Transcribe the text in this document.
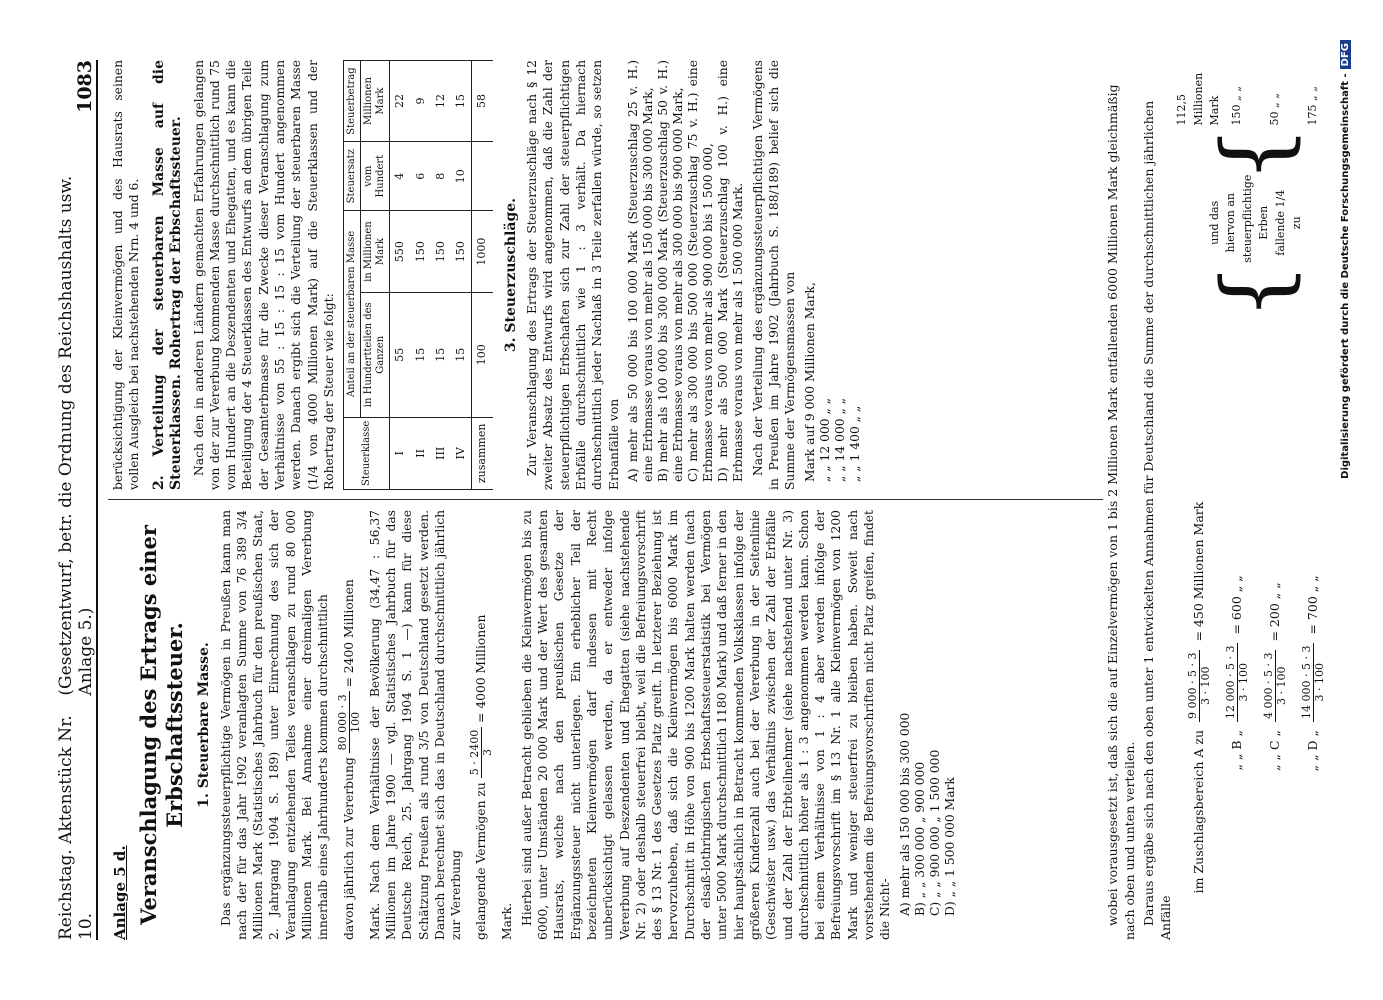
Reichstag. Aktenstück Nr. 10.
(Gesetzentwurf, betr. die Ordnung des Reichshaushalts usw. Anlage 5.)
1083
Anlage 5 d. Veranschlagung des Ertrags einer Erbschaftssteuer. 1. Steuerbare Masse. Das ergänzungssteuerpflichtige Vermögen in Preußen kann man nach der für das Jahr 1902 veranlagten Summe von 76 389 3/4 Millionen Mark (Statistisches Jahrbuch für den preußischen Staat, 2. Jahrgang 1904 S. 189) unter Einrechnung des sich der Veranlagung entziehenden Teiles veranschlagen zu rund 80 000 Millionen Mark. Bei Annahme einer dreimaligen Vererbung innerhalb eines Jahrhunderts kommen durchschnittlich davon jährlich zur Vererbung
80 000 · 3 100
= 2400 Millionen Mark. Nach dem Verhältnisse der Bevölkerung (34,47 : 56,37 Millionen im Jahre 1900 — vgl. Statistisches Jahrbuch für das Deutsche Reich, 25. Jahrgang 1904 S. 1 —) kann für diese Schätzung Preußen als rund 3/5 von Deutschland gesetzt werden. Danach berechnet sich das in Deutschland durchschnittlich jährlich zur Vererbung gelangende Vermögen zu
5 · 2400 3
= 4000 Millionen

Mark. Hierbei sind außer Betracht geblieben die Kleinvermögen bis zu 6000, unter Umständen 20 000 Mark und der Wert des gesamten Hausrats, welche nach den preußischen Gesetze der Ergänzungssteuer nicht unterliegen. Ein erheblicher Teil der bezeichneten Kleinvermögen darf indessen mit Recht unberücksichtigt gelassen werden, da er entweder infolge Vererbung auf Deszendenten und Ehegatten (siehe nachstehende Nr. 2) oder deshalb steuerfrei bleibt, weil die Befreiungsvorschrift des § 13 Nr. 1 des Gesetzes Platz greift. In letzterer Beziehung ist hervorzuheben, daß sich die Kleinvermögen bis 6000 Mark im Durchschnitt in Höhe von 900 bis 1200 Mark halten werden (nach der elsaß-lothringischen Erbschaftssteuerstatistik bei Vermögen unter 5000 Mark durchschnittlich 1180 Mark) und daß ferner in den hier hauptsächlich in Betracht kommenden Volksklassen infolge der größeren Kinderzahl auch bei der Vererbung in der Seitenlinie (Geschwister usw.) das Verhältnis zwischen der Zahl der Erbfälle und der Zahl der Erbteilnehmer (siehe nachstehend unter Nr. 3) durchschnittlich höher als 1 : 3 angenommen werden kann. Schon bei einem Verhältnisse von 1 : 4 aber werden infolge der Befreiungsvorschrift im § 13 Nr. 1 alle Kleinvermögen von 1200 Mark und weniger steuerfrei zu bleiben haben. Soweit nach vorstehendem die Befreiungsvorschriften nicht Platz greifen, findet die Nicht- A) mehr als 150 000 bis 300 000 B) „ „ 300 000 „ 900 000 C) „ „ 900 000 „ 1 500 000 D) „ „ 1 500 000 Mark

berücksichtigung der Kleinvermögen und des Hausrats seinen vollen Ausgleich bei nachstehenden Nrn. 4 und 6. 2. Verteilung der steuerbaren Masse auf die Steuerklassen. Rohertrag der Erbschaftssteuer. Nach den in anderen Ländern gemachten Erfahrungen gelangen von der zur Vererbung kommenden Masse durchschnittlich rund 75 vom Hundert an die Deszendenten und Ehegatten, und es kann die Beteiligung der 4 Steuerklassen des Entwurfs an dem übrigen Teile der Gesamterbmasse für die Zwecke dieser Veranschlagung zum Verhältnisse von 55 : 15 : 15 : 15 vom Hundert angenommen werden. Danach ergibt sich die Verteilung der steuerbaren Masse (1/4 von 4000 Millionen Mark) auf die Steuerklassen und der Rohertrag der Steuer wie folgt: Steuerklasse	Anteil an der steuerbaren Masse		Steuersatz	Steuerbetrag
	in Hundertteilen des Ganzen	in Millionen Mark	vom Hundert	Millionen Mark
I	55	550	4	22
II	15	150	6	9
III	15	150	8	12
IV	15	150	10	15
zusammen	100	1000		58
3. Steuerzuschläge. Zur Veranschlagung des Ertrags der Steuerzuschläge nach § 12 zweiter Absatz des Entwurfs wird angenommen, daß die Zahl der steuerpflichtigen Erbschaften sich zur Zahl der steuerpflichtigen Erbfälle durchschnittlich wie 1 : 3 verhält. Da hiernach durchschnittlich jeder Nachlaß in 3 Teile zerfallen würde, so setzen Erbanfälle von A) mehr als 50 000 bis 100 000 Mark (Steuerzuschlag 25 v. H.) eine Erbmasse voraus von mehr als 150 000 bis 300 000 Mark, B) mehr als 100 000 bis 300 000 Mark (Steuerzuschlag 50 v. H.) eine Erbmasse voraus von mehr als 300 000 bis 900 000 Mark, C) mehr als 300 000 bis 500 000 (Steuerzuschlag 75 v. H.) eine Erbmasse voraus von mehr als 900 000 bis 1 500 000, D) mehr als 500 000 Mark (Steuerzuschlag 100 v. H.) eine Erbmasse voraus von mehr als 1 500 000 Mark. Nach der Verteilung des ergänzungssteuerpflichtigen Vermögens in Preußen im Jahre 1902 (Jahrbuch S. 188/189) belief sich die Summe der Vermögensmassen von Mark auf 9 000 Millionen Mark, „ „ 12 000 „ „ „ „ 14 000 „ „ „ „ 1 400 „ „	wobei vorausgesetzt ist, daß sich die auf Einzelvermögen von 1 bis 2 Millionen Mark entfallenden 6000 Millionen Mark gleichmäßig nach oben und unten verteilen. Daraus ergäbe sich nach den oben unter 1 entwickelten Annahmen für Deutschland die Summe der durchschnittlichen jährlichen Anfälle

im Zuschlagsbereich A zu
9 000 · 5 · 3 3 · 100
= 450 Millionen Mark
„ „ B „
12 000 · 5 · 3 3 · 100
= 600 „ „
„ „ C „
4 000 · 5 · 3 3 · 100
= 200 „ „
„ „ D „
14 000 · 5 · 3 3 · 100
= 700 „ „
{
und das hiervon an steuerpflichtige Erben fallende 1/4 zu
{
112,5 Millionen Mark 150 „ „	50 „ „	175 „ „	Digitalisierung gefördert durch die Deutsche Forschungsgemeinschaft -DFG
